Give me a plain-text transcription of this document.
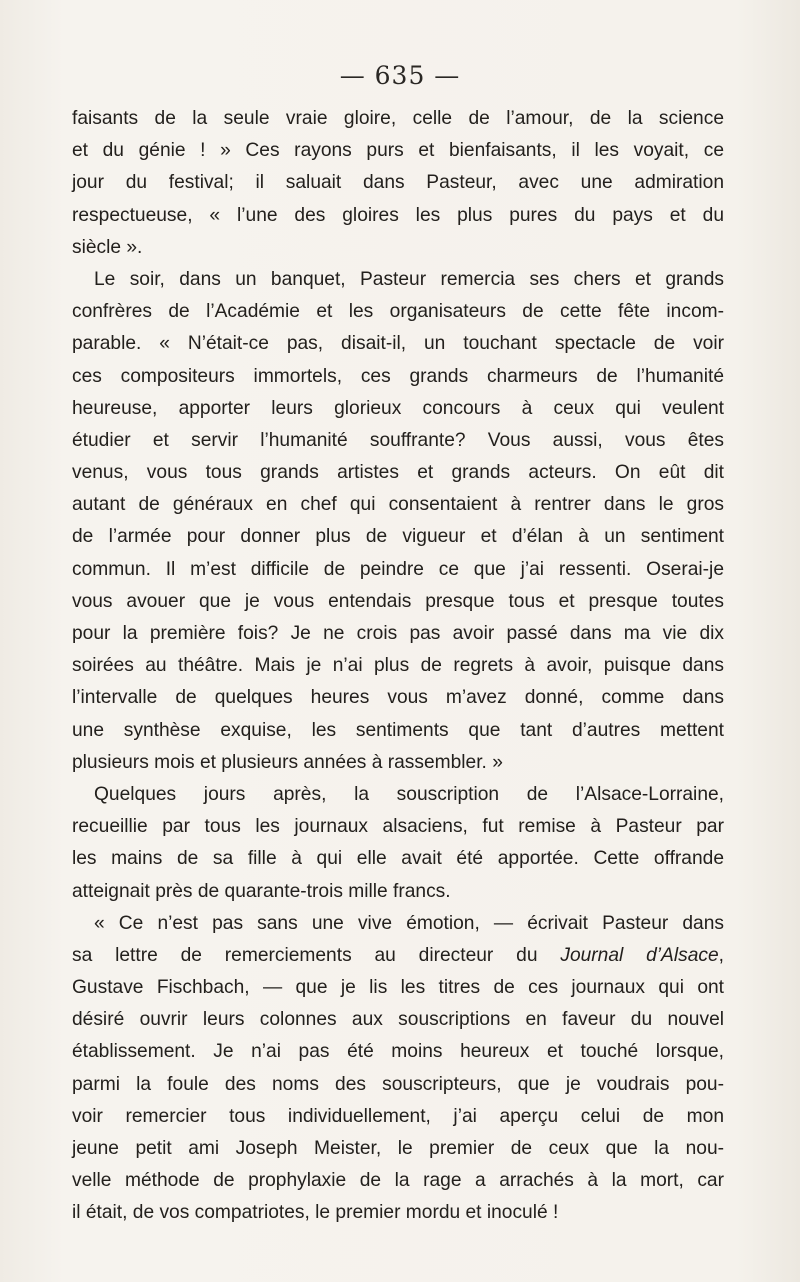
— 635 —

faisants de la seule vraie gloire, celle de l’amour, de la science
et du génie ! » Ces rayons purs et bienfaisants, il les voyait, ce
jour du festival; il saluait dans Pasteur, avec une admiration
respectueuse, « l’une des gloires les plus pures du pays et du
siècle ».

Le soir, dans un banquet, Pasteur remercia ses chers et grands
confrères de l’Académie et les organisateurs de cette fête incom-
parable. « N’était-ce pas, disait-il, un touchant spectacle de voir
ces compositeurs immortels, ces grands charmeurs de l’humanité
heureuse, apporter leurs glorieux concours à ceux qui veulent
étudier et servir l’humanité souffrante? Vous aussi, vous êtes
venus, vous tous grands artistes et grands acteurs. On eût dit
autant de généraux en chef qui consentaient à rentrer dans le gros
de l’armée pour donner plus de vigueur et d’élan à un sentiment
commun. Il m’est difficile de peindre ce que j’ai ressenti. Oserai-je
vous avouer que je vous entendais presque tous et presque toutes
pour la première fois? Je ne crois pas avoir passé dans ma vie dix
soirées au théâtre. Mais je n’ai plus de regrets à avoir, puisque dans
l’intervalle de quelques heures vous m’avez donné, comme dans
une synthèse exquise, les sentiments que tant d’autres mettent
plusieurs mois et plusieurs années à rassembler. »

Quelques jours après, la souscription de l’Alsace-Lorraine,
recueillie par tous les journaux alsaciens, fut remise à Pasteur par
les mains de sa fille à qui elle avait été apportée. Cette offrande
atteignait près de quarante-trois mille francs.

« Ce n’est pas sans une vive émotion, — écrivait Pasteur dans
sa lettre de remerciements au directeur du Journal d’Alsace,
Gustave Fischbach, — que je lis les titres de ces journaux qui ont
désiré ouvrir leurs colonnes aux souscriptions en faveur du nouvel
établissement. Je n’ai pas été moins heureux et touché lorsque,
parmi la foule des noms des souscripteurs, que je voudrais pou-
voir remercier tous individuellement, j’ai aperçu celui de mon
jeune petit ami Joseph Meister, le premier de ceux que la nou-
velle méthode de prophylaxie de la rage a arrachés à la mort, car
il était, de vos compatriotes, le premier mordu et inoculé !
